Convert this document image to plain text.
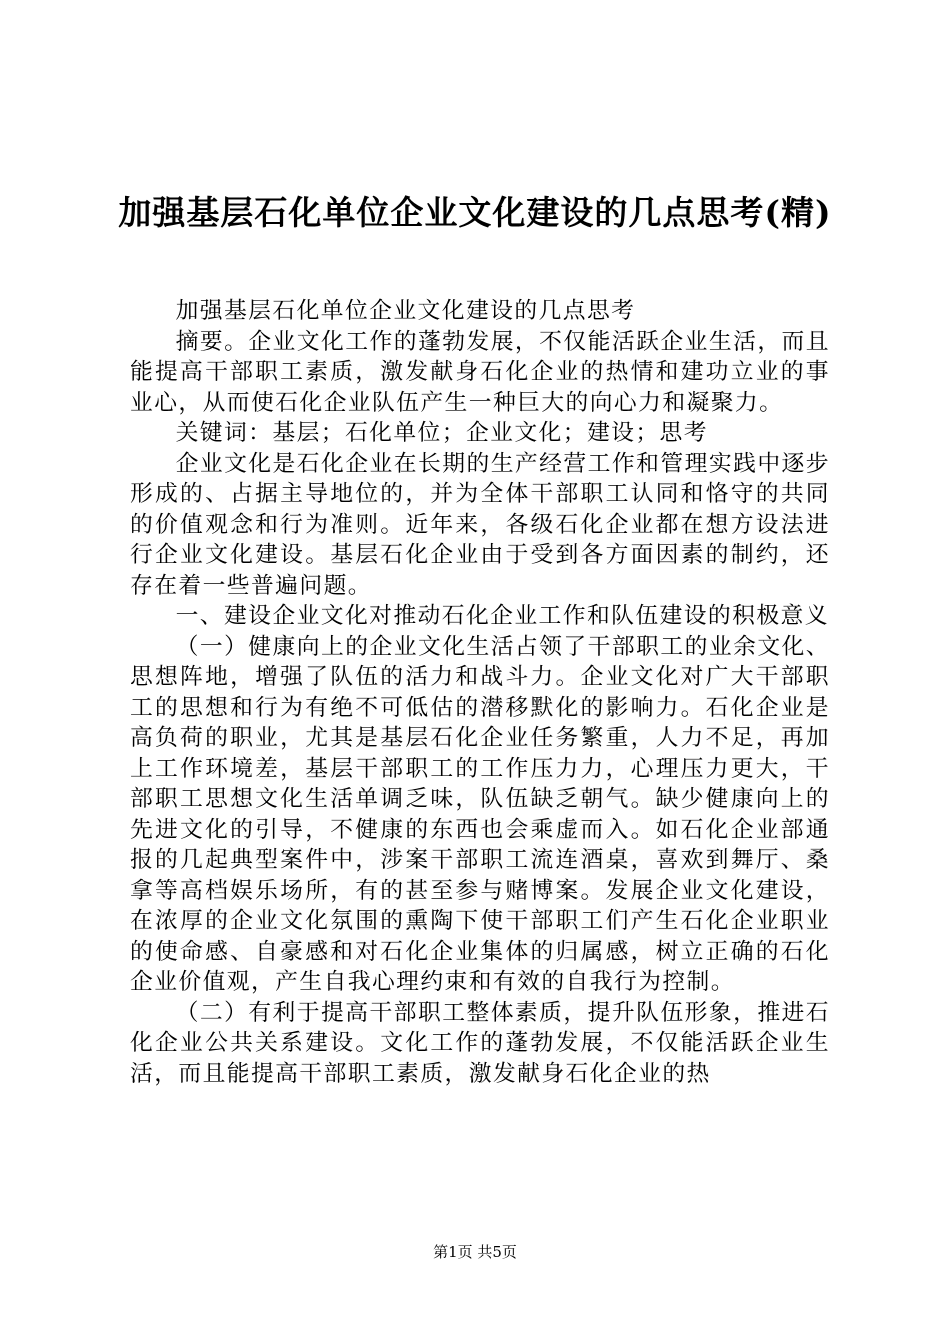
加强基层石化单位企业文化建设的几点思考(精)

加强基层石化单位企业文化建设的几点思考

摘要。企业文化工作的蓬勃发展，不仅能活跃企业生活，而且能提高干部职工素质，激发献身石化企业的热情和建功立业的事业心，从而使石化企业队伍产生一种巨大的向心力和凝聚力。

关键词：基层；石化单位；企业文化；建设；思考

企业文化是石化企业在长期的生产经营工作和管理实践中逐步形成的、占据主导地位的，并为全体干部职工认同和恪守的共同的价值观念和行为准则。近年来，各级石化企业都在想方设法进行企业文化建设。基层石化企业由于受到各方面因素的制约，还存在着一些普遍问题。

一、建设企业文化对推动石化企业工作和队伍建设的积极意义

（一）健康向上的企业文化生活占领了干部职工的业余文化、思想阵地，增强了队伍的活力和战斗力。企业文化对广大干部职工的思想和行为有绝不可低估的潜移默化的影响力。石化企业是高负荷的职业，尤其是基层石化企业任务繁重，人力不足，再加上工作环境差，基层干部职工的工作压力力，心理压力更大，干部职工思想文化生活单调乏味，队伍缺乏朝气。缺少健康向上的先进文化的引导，不健康的东西也会乘虚而入。如石化企业部通报的几起典型案件中，涉案干部职工流连酒桌，喜欢到舞厅、桑拿等高档娱乐场所，有的甚至参与赌博案。发展企业文化建设，在浓厚的企业文化氛围的熏陶下使干部职工们产生石化企业职业的使命感、自豪感和对石化企业集体的归属感，树立正确的石化企业价值观，产生自我心理约束和有效的自我行为控制。

（二）有利于提高干部职工整体素质，提升队伍形象，推进石化企业公共关系建设。文化工作的蓬勃发展，不仅能活跃企业生活，而且能提高干部职工素质，激发献身石化企业的热

第1页 共5页
